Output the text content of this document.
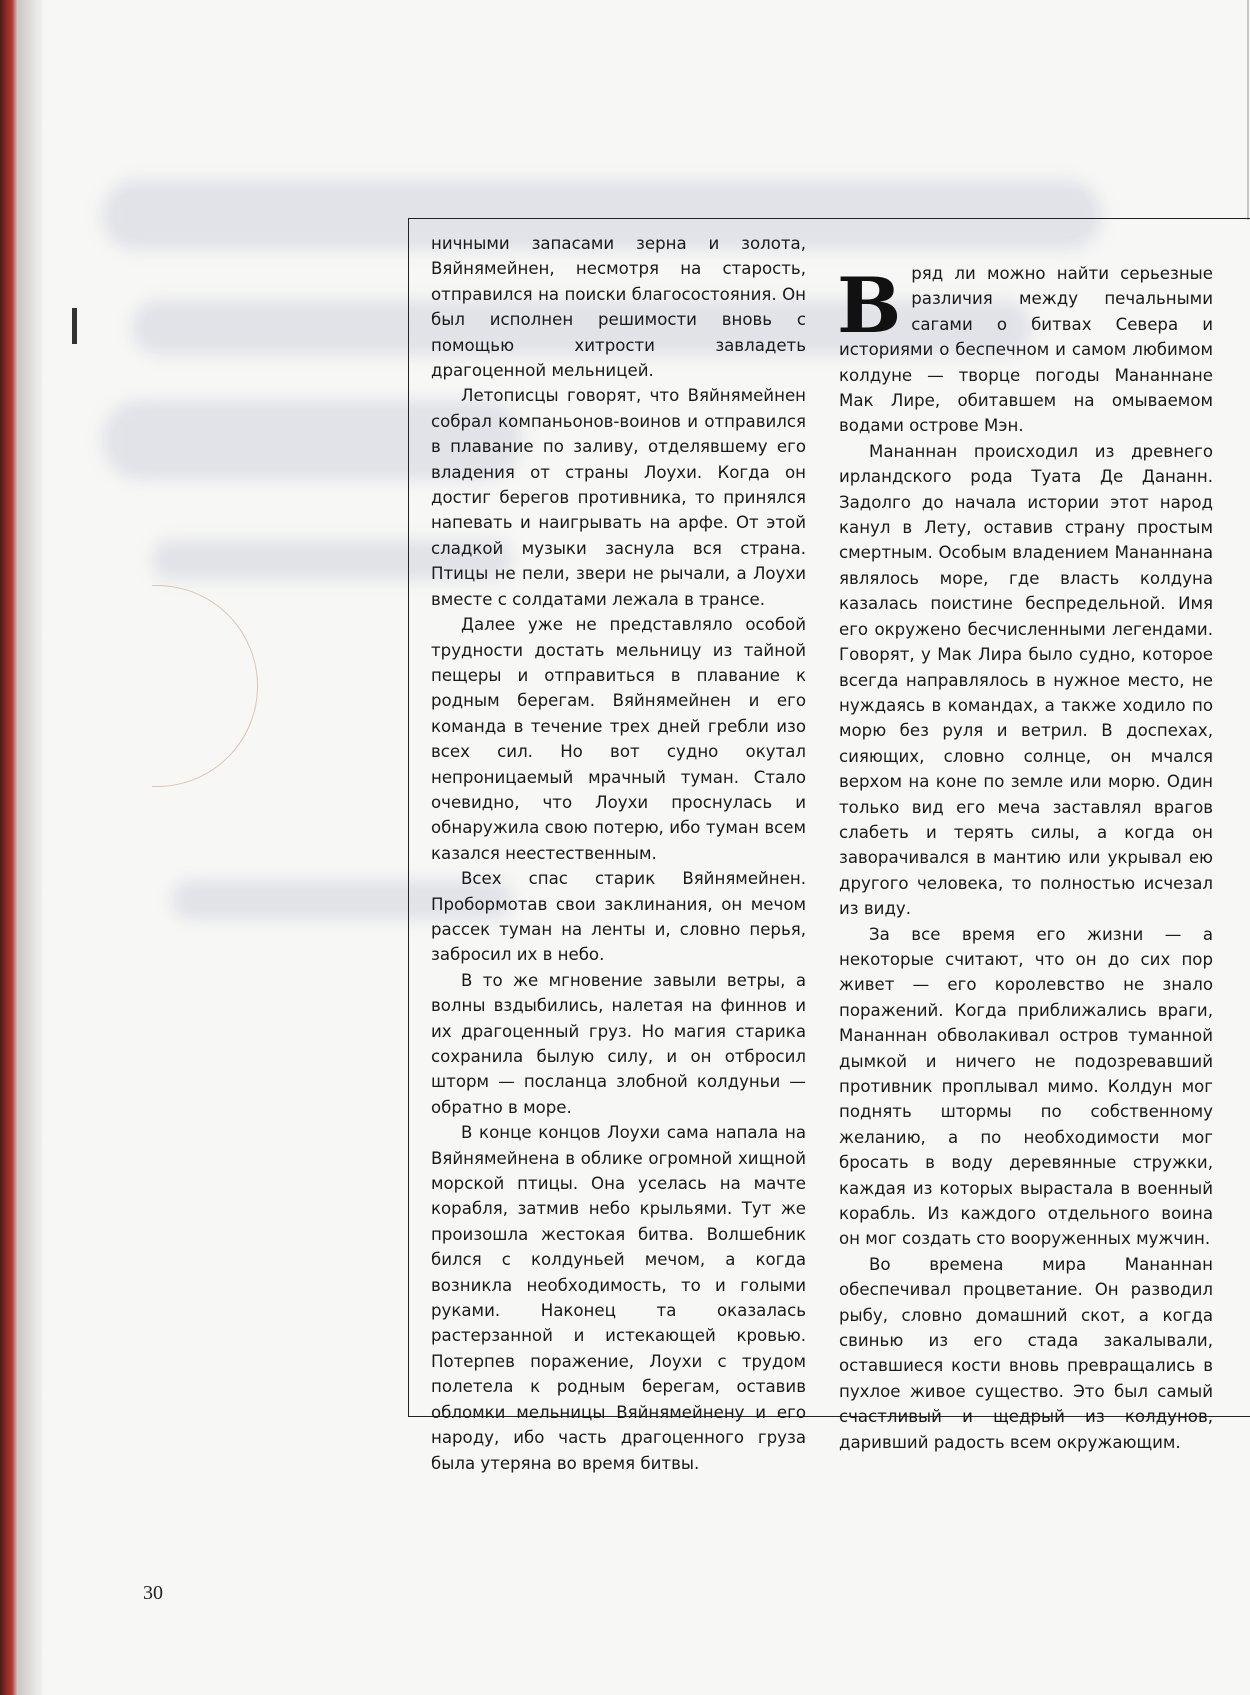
ничными запасами зерна и золота, Вяйнямейнен, несмотря на старость, отправился на поиски благосостояния. Он был исполнен решимости вновь с помощью хитрости завладеть драгоценной мельницей.

Летописцы говорят, что Вяйнямейнен собрал компаньонов-воинов и отправился в плавание по заливу, отделявшему его владения от страны Лоухи. Когда он достиг берегов противника, то принялся напевать и наигрывать на арфе. От этой сладкой музыки заснула вся страна. Птицы не пели, звери не рычали, а Лоухи вместе с солдатами лежала в трансе.

Далее уже не представляло особой трудности достать мельницу из тайной пещеры и отправиться в плавание к родным берегам. Вяйнямейнен и его команда в течение трех дней гребли изо всех сил. Но вот судно окутал непроницаемый мрачный туман. Стало очевидно, что Лоухи проснулась и обнаружила свою потерю, ибо туман всем казался неестественным.

Всех спас старик Вяйнямейнен. Пробормотав свои заклинания, он мечом рассек туман на ленты и, словно перья, забросил их в небо.

В то же мгновение завыли ветры, а волны вздыбились, налетая на финнов и их драгоценный груз. Но магия старика сохранила былую силу, и он отбросил шторм — посланца злобной колдуньи — обратно в море.

В конце концов Лоухи сама напала на Вяйнямейнена в облике огромной хищной морской птицы. Она уселась на мачте корабля, затмив небо крыльями. Тут же произошла жестокая битва. Волшебник бился с колдуньей мечом, а когда возникла необходимость, то и голыми руками. Наконец та оказалась растерзанной и истекающей кровью. Потерпев поражение, Лоухи с трудом полетела к родным берегам, оставив обломки мельницы Вяйнямейнену и его народу, ибо часть драгоценного груза была утеряна во время битвы.

Вряд ли можно найти серьезные различия между печальными сагами о битвах Севера и историями о беспечном и самом любимом колдуне — творце погоды Мананнане Мак Лире, обитавшем на омываемом водами острове Мэн.

Мананнан происходил из древнего ирландского рода Туата Де Дананн. Задолго до начала истории этот народ канул в Лету, оставив страну простым смертным. Особым владением Мананнана являлось море, где власть колдуна казалась поистине беспредельной. Имя его окружено бесчисленными легендами. Говорят, у Мак Лира было судно, которое всегда направлялось в нужное место, не нуждаясь в командах, а также ходило по морю без руля и ветрил. В доспехах, сияющих, словно солнце, он мчался верхом на коне по земле или морю. Один только вид его меча заставлял врагов слабеть и терять силы, а когда он заворачивался в мантию или укрывал ею другого человека, то полностью исчезал из виду.

За все время его жизни — а некоторые считают, что он до сих пор живет — его королевство не знало поражений. Когда приближались враги, Мананнан обволакивал остров туманной дымкой и ничего не подозревавший противник проплывал мимо. Колдун мог поднять штормы по собственному желанию, а по необходимости мог бросать в воду деревянные стружки, каждая из которых вырастала в военный корабль. Из каждого отдельного воина он мог создать сто вооруженных мужчин.

Во времена мира Мананнан обеспечивал процветание. Он разводил рыбу, словно домашний скот, а когда свинью из его стада закалывали, оставшиеся кости вновь превращались в пухлое живое существо. Это был самый счастливый и щедрый из колдунов, даривший радость всем окружающим.

30
